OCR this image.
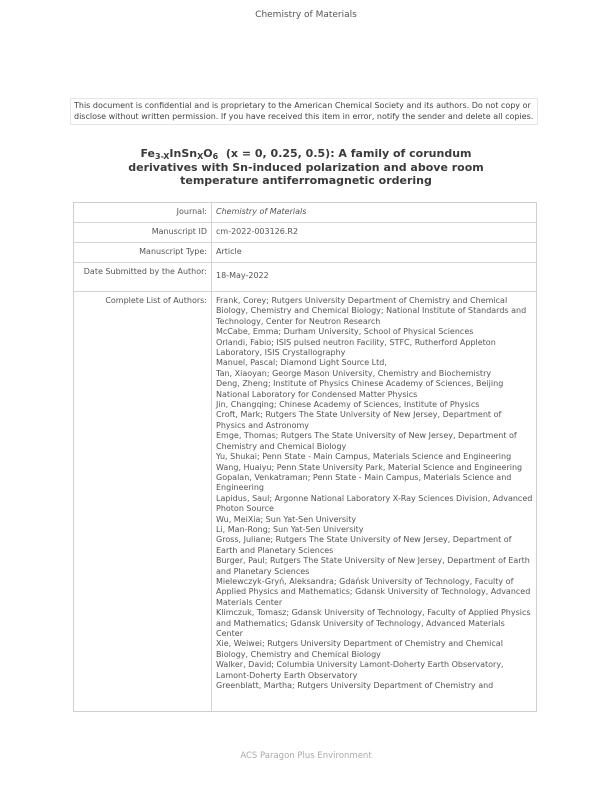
Chemistry of Materials
This document is confidential and is proprietary to the American Chemical Society and its authors. Do not copy or disclose without written permission. If you have received this item in error, notify the sender and delete all copies.
$Fe_{3-X}InSn_XO_6$  (x = 0, 0.25, 0.5): A family of corundum
derivatives with Sn-induced polarization and above room
temperature antiferromagnetic ordering
Journal:	Chemistry of Materials
Manuscript ID	cm-2022-003126.R2
Manuscript Type:	Article
Date Submitted by the Author:	18-May-2022
Complete List of Authors:	Frank, Corey; Rutgers University Department of Chemistry and Chemical Biology, Chemistry and Chemical Biology; National Institute of Standards and Technology, Center for Neutron Research
McCabe, Emma; Durham University, School of Physical Sciences
Orlandi, Fabio; ISIS pulsed neutron Facility, STFC, Rutherford Appleton Laboratory, ISIS Crystallography
Manuel, Pascal; Diamond Light Source Ltd,
Tan, Xiaoyan; George Mason University, Chemistry and Biochemistry
Deng, Zheng; Institute of Physics Chinese Academy of Sciences, Beijing National Laboratory for Condensed Matter Physics
Jin, Changqing; Chinese Academy of Sciences, Institute of Physics
Croft, Mark; Rutgers The State University of New Jersey, Department of Physics and Astronomy
Emge, Thomas; Rutgers The State University of New Jersey, Department of Chemistry and Chemical Biology
Yu, Shukai; Penn State - Main Campus, Materials Science and Engineering
Wang, Huaiyu; Penn State University Park, Material Science and Engineering
Gopalan, Venkatraman; Penn State - Main Campus, Materials Science and Engineering
Lapidus, Saul; Argonne National Laboratory X-Ray Sciences Division, Advanced Photon Source
Wu, MeiXia; Sun Yat-Sen University
Li, Man-Rong; Sun Yat-Sen University
Gross, Juliane; Rutgers The State University of New Jersey, Department of Earth and Planetary Sciences
Burger, Paul; Rutgers The State University of New Jersey, Department of Earth and Planetary Sciences
Mielewczyk-Gryń, Aleksandra; Gdańsk University of Technology, Faculty of Applied Physics and Mathematics; Gdansk University of Technology, Advanced Materials Center
Klimczuk, Tomasz; Gdansk University of Technology, Faculty of Applied Physics and Mathematics; Gdansk University of Technology, Advanced Materials Center
Xie, Weiwei; Rutgers University Department of Chemistry and Chemical Biology, Chemistry and Chemical Biology
Walker, David; Columbia University Lamont-Doherty Earth Observatory, Lamont-Doherty Earth Observatory
Greenblatt, Martha; Rutgers University Department of Chemistry and
ACS Paragon Plus Environment
